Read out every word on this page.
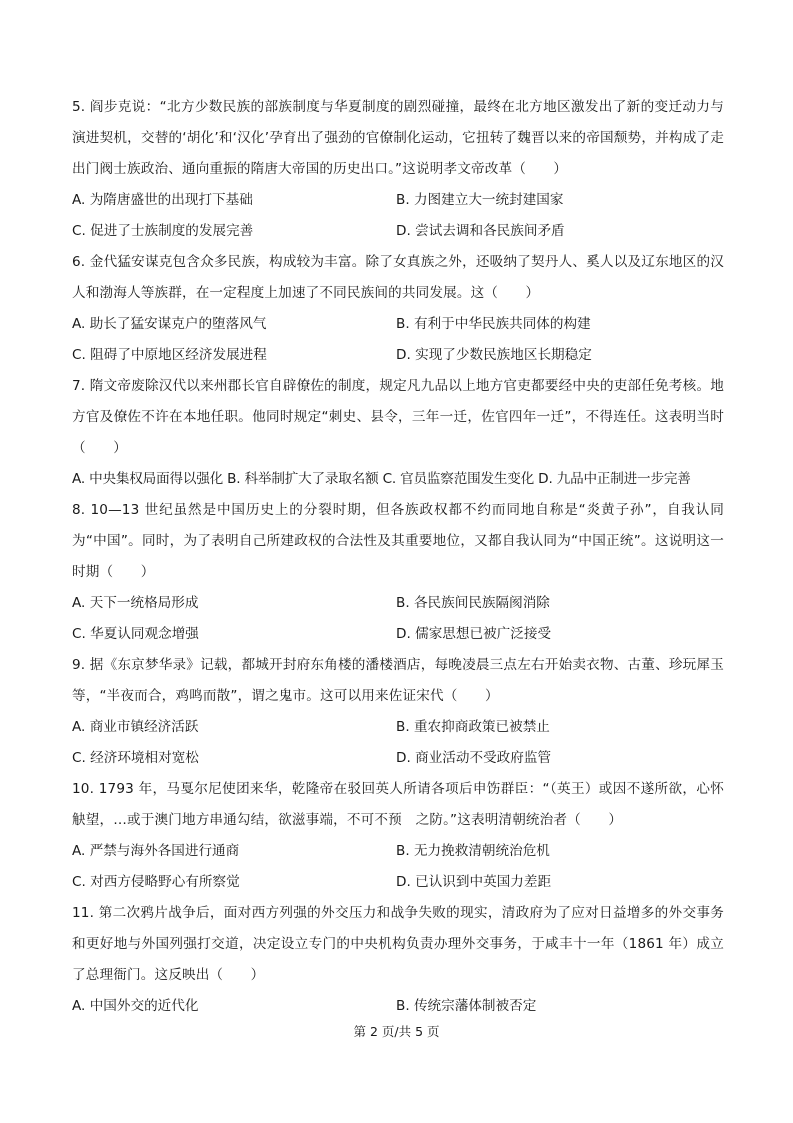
5. 阎步克说：“北方少数民族的部族制度与华夏制度的剧烈碰撞，最终在北方地区激发出了新的变迁动力与演进契机，交替的‘胡化’和‘汉化’孕育出了强劲的官僚制化运动，它扭转了魏晋以来的帝国颓势，并构成了走出门阀士族政治、通向重振的隋唐大帝国的历史出口。”这说明孝文帝改革（　　）

A. 为隋唐盛世的出现打下基础	B. 力图建立大一统封建国家
C. 促进了士族制度的发展完善	D. 尝试去调和各民族间矛盾

6. 金代猛安谋克包含众多民族，构成较为丰富。除了女真族之外，还吸纳了契丹人、奚人以及辽东地区的汉人和渤海人等族群，在一定程度上加速了不同民族间的共同发展。这（　　）

A. 助长了猛安谋克户的堕落风气	B. 有利于中华民族共同体的构建
C. 阻碍了中原地区经济发展进程	D. 实现了少数民族地区长期稳定

7. 隋文帝废除汉代以来州郡长官自辟僚佐的制度，规定凡九品以上地方官吏都要经中央的吏部任免考核。地方官及僚佐不许在本地任职。他同时规定“刺史、县令，三年一迁，佐官四年一迁”，不得连任。这表明当时（　　）

A. 中央集权局面得以强化 B. 科举制扩大了录取名额 C. 官员监察范围发生变化 D. 九品中正制进一步完善

8. 10—13 世纪虽然是中国历史上的分裂时期，但各族政权都不约而同地自称是“炎黄子孙”，自我认同为“中国”。同时，为了表明自己所建政权的合法性及其重要地位，又都自我认同为“中国正统”。这说明这一时期（　　）

A. 天下一统格局形成	B. 各民族间民族隔阂消除
C. 华夏认同观念增强	D. 儒家思想已被广泛接受

9. 据《东京梦华录》记载，都城开封府东角楼的潘楼酒店，每晚凌晨三点左右开始卖衣物、古董、珍玩犀玉等，“半夜而合，鸡鸣而散”，谓之鬼市。这可以用来佐证宋代（　　）

A. 商业市镇经济活跃	B. 重农抑商政策已被禁止
C. 经济环境相对宽松	D. 商业活动不受政府监管

10. 1793 年，马戛尔尼使团来华，乾隆帝在驳回英人所请各项后申饬群臣：“（英王）或因不遂所欲，心怀觖望，…或于澳门地方串通勾结，欲滋事端，不可不预　之防。”这表明清朝统治者（　　）

A. 严禁与海外各国进行通商	B. 无力挽救清朝统治危机
C. 对西方侵略野心有所察觉	D. 已认识到中英国力差距

11. 第二次鸦片战争后，面对西方列强的外交压力和战争失败的现实，清政府为了应对日益增多的外交事务和更好地与外国列强打交道，决定设立专门的中央机构负责办理外交事务，于咸丰十一年（1861 年）成立了总理衙门。这反映出（　　）

A. 中国外交的近代化	B. 传统宗藩体制被否定
第 2 页/共 5 页
